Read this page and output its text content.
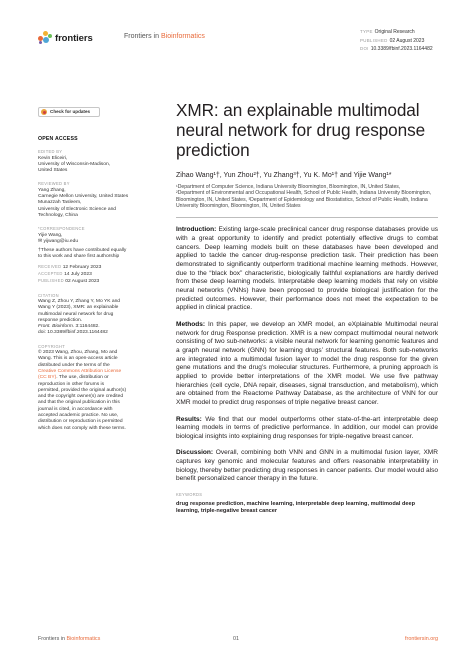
frontiers	Frontiers in Bioinformatics
TYPE Original Research
PUBLISHED 02 August 2023
DOI 10.3389/fbinf.2023.1164482
Check for updates
OPEN ACCESS
EDITED BY
Kevin Eliceiri,
University of Wisconsin-Madison,
United States
REVIEWED BY
Yang Zhang,
Carnegie Mellon University, United States
Munazzah Tasleem,
University of Electronic Science and
Technology, China
*CORRESPONDENCE
Yijie Wang,
✉ yijwang@iu.edu
†These authors have contributed equally
to this work and share first authorship
RECEIVED 12 February 2023
ACCEPTED 14 July 2023
PUBLISHED 02 August 2023
CITATION
Wang Z, Zhou Y, Zhang Y, Mo YK and
Wang Y (2023), XMR: an explainable
multimodal neural network for drug
response prediction.
Front. Bioinform. 3:1164482.
doi: 10.3389/fbinf.2023.1164482
COPYRIGHT
© 2023 Wang, Zhou, Zhang, Mo and
Wang. This is an open-access article
distributed under the terms of the
Creative Commons Attribution License
(CC BY). The use, distribution or
reproduction in other forums is
permitted, provided the original author(s)
and the copyright owner(s) are credited
and that the original publication in this
journal is cited, in accordance with
accepted academic practice. No use,
distribution or reproduction is permitted
which does not comply with these terms.
XMR: an explainable multimodal neural network for drug response prediction
Zihao Wang¹†, Yun Zhou²†, Yu Zhang³†, Yu K. Mo¹† and Yijie Wang¹*
¹Department of Computer Science, Indiana University Bloomington, Bloomington, IN, United States,
²Department of Environmental and Occupational Health, School of Public Health, Indiana University Bloomington, Bloomington, IN, United States, ³Department of Epidemiology and Biostatistics, School of Public Health, Indiana University Bloomington, Bloomington, IN, United States

Introduction: Existing large-scale preclinical cancer drug response databases provide us with a great opportunity to identify and predict potentially effective drugs to combat cancers. Deep learning models built on these databases have been developed and applied to tackle the cancer drug-response prediction task. Their prediction has been demonstrated to significantly outperform traditional machine learning methods. However, due to the “black box” characteristic, biologically faithful explanations are hardly derived from these deep learning models. Interpretable deep learning models that rely on visible neural networks (VNNs) have been proposed to provide biological justification for the predicted outcomes. However, their performance does not meet the expectation to be applied in clinical practice.

Methods: In this paper, we develop an XMR model, an eXplainable Multimodal neural network for drug Response prediction. XMR is a new compact multimodal neural network consisting of two sub-networks: a visible neural network for learning genomic features and a graph neural network (GNN) for learning drugs’ structural features. Both sub-networks are integrated into a multimodal fusion layer to model the drug response for the given gene mutations and the drug’s molecular structures. Furthermore, a pruning approach is applied to provide better interpretations of the XMR model. We use five pathway hierarchies (cell cycle, DNA repair, diseases, signal transduction, and metabolism), which are obtained from the Reactome Pathway Database, as the architecture of VNN for our XMR model to predict drug responses of triple negative breast cancer.

Results: We find that our model outperforms other state-of-the-art interpretable deep learning models in terms of predictive performance. In addition, our model can provide biological insights into explaining drug responses for triple-negative breast cancer.

Discussion: Overall, combining both VNN and GNN in a multimodal fusion layer, XMR captures key genomic and molecular features and offers reasonable interpretability in biology, thereby better predicting drug responses in cancer patients. Our model would also benefit personalized cancer therapy in the future.

KEYWORDS
drug response prediction, machine learning, interpretable deep learning, multimodal deep learning, triple-negative breast cancer
Frontiers in Bioinformatics	01	frontiersin.org
